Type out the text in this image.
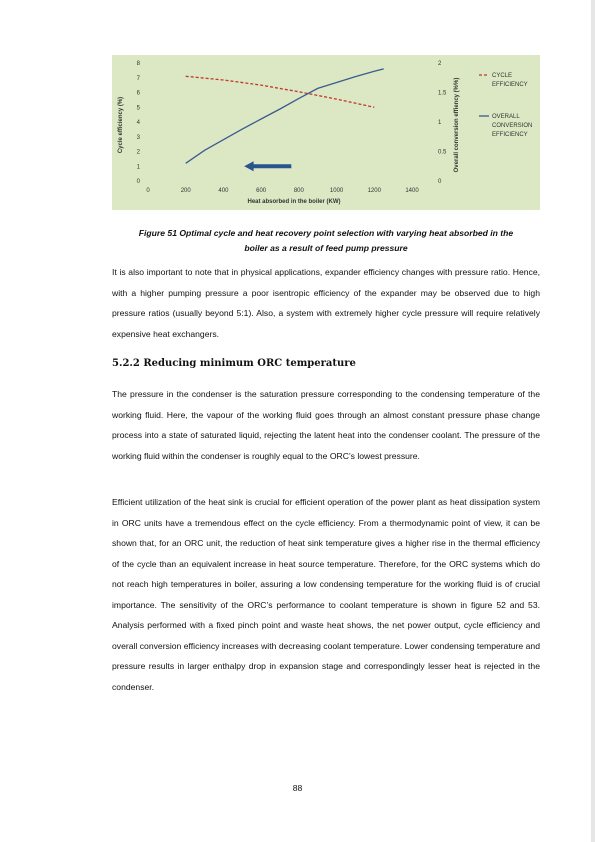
0
1
2
3
4
5
6
7
8
0
0.5
1
1.5
2
0	200	400	600	800	1000	1200	1400
Heat absorbed in the boiler (KW)
Cycle efficiency (%)	Overall conversion effiency (%%)
CYCLE
EFFICIENCY
OVERALL
CONVERSION
EFFICIENCY
Figure 51 Optimal cycle and heat recovery point selection with varying heat absorbed in the
boiler as a result of feed pump pressure

It is also important to note that in physical applications, expander efficiency changes with pressure ratio. Hence, with a higher pumping pressure a poor isentropic efficiency of the expander may be observed due to high pressure ratios (usually beyond 5:1). Also, a system with extremely higher cycle pressure will require relatively expensive heat exchangers.

5.2.2 Reducing minimum ORC temperature

The pressure in the condenser is the saturation pressure corresponding to the condensing temperature of the working fluid. Here, the vapour of the working fluid goes through an almost constant pressure phase change process into a state of saturated liquid, rejecting the latent heat into the condenser coolant. The pressure of the working fluid within the condenser is roughly equal to the ORC’s lowest pressure.

Efficient utilization of the heat sink is crucial for efficient operation of the power plant as heat dissipation system in ORC units have a tremendous effect on the cycle efficiency. From a thermodynamic point of view, it can be shown that, for an ORC unit, the reduction of heat sink temperature gives a higher rise in the thermal efficiency of the cycle than an equivalent increase in heat source temperature. Therefore, for the ORC systems which do not reach high temperatures in boiler, assuring a low condensing temperature for the working fluid is of crucial importance. The sensitivity of the ORC’s performance to coolant temperature is shown in figure 52 and 53. Analysis performed with a fixed pinch point and waste heat shows, the net power output, cycle efficiency and overall conversion efficiency increases with decreasing coolant temperature. Lower condensing temperature and pressure results in larger enthalpy drop in expansion stage and correspondingly lesser heat is rejected in the condenser.

88
